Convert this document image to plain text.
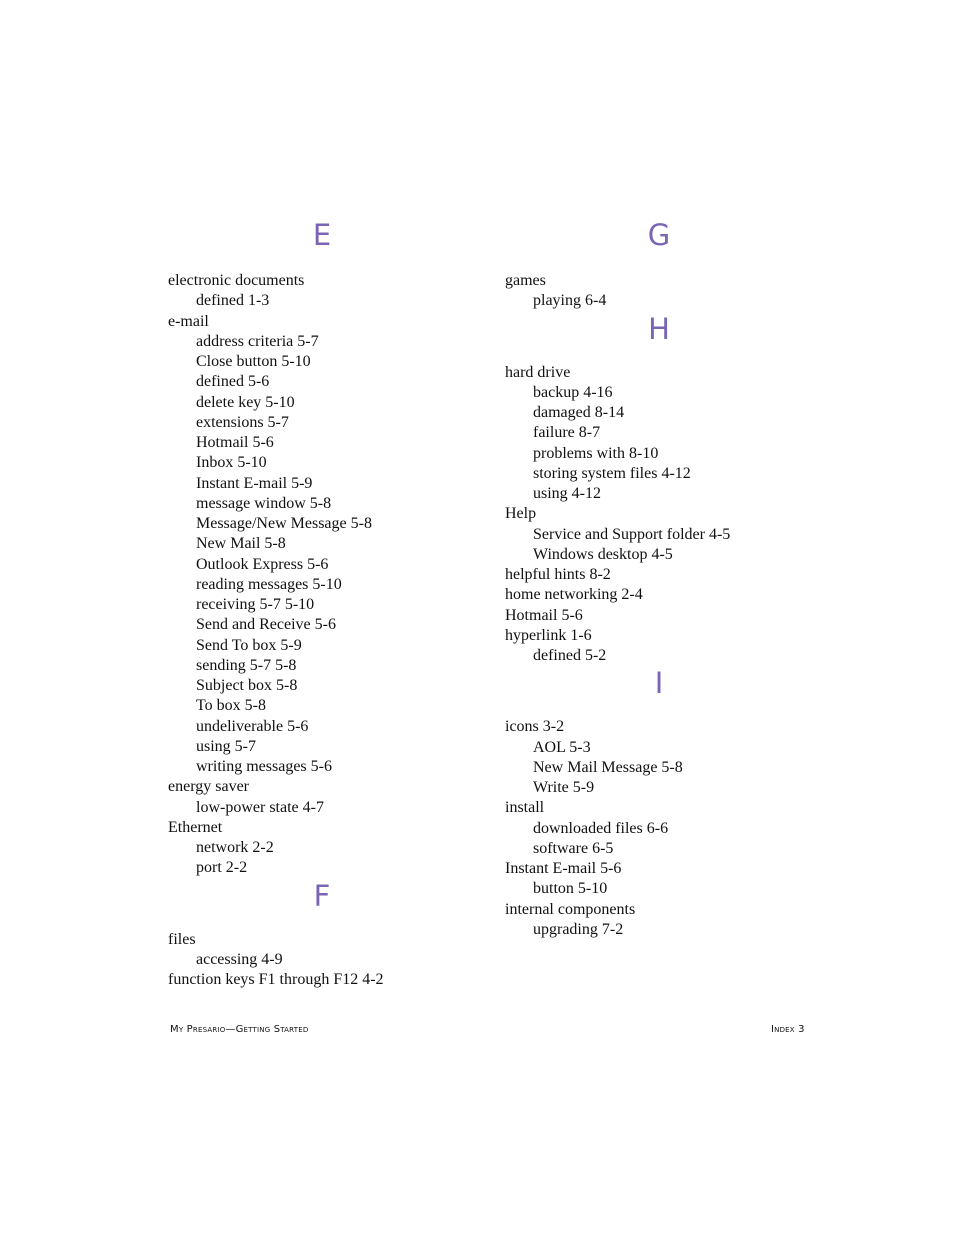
E
electronic documents
defined 1-3
e-mail
address criteria 5-7
Close button 5-10
defined 5-6
delete key 5-10
extensions 5-7
Hotmail 5-6
Inbox 5-10
Instant E-mail 5-9
message window 5-8
Message/New Message 5-8
New Mail 5-8
Outlook Express 5-6
reading messages 5-10
receiving 5-7 5-10
Send and Receive 5-6
Send To box 5-9
sending 5-7 5-8
Subject box 5-8
To box 5-8
undeliverable 5-6
using 5-7
writing messages 5-6
energy saver
low-power state 4-7
Ethernet
network 2-2
port 2-2
F
files
accessing 4-9
function keys F1 through F12 4-2
G
games
playing 6-4
H
hard drive
backup 4-16
damaged 8-14
failure 8-7
problems with 8-10
storing system files 4-12
using 4-12
Help
Service and Support folder 4-5
Windows desktop 4-5
helpful hints 8-2
home networking 2-4
Hotmail 5-6
hyperlink 1-6
defined 5-2
I
icons 3-2
AOL 5-3
New Mail Message 5-8
Write 5-9
install
downloaded files 6-6
software 6-5
Instant E-mail 5-6
button 5-10
internal components
upgrading 7-2
My Presario—Getting Started	Index 3
